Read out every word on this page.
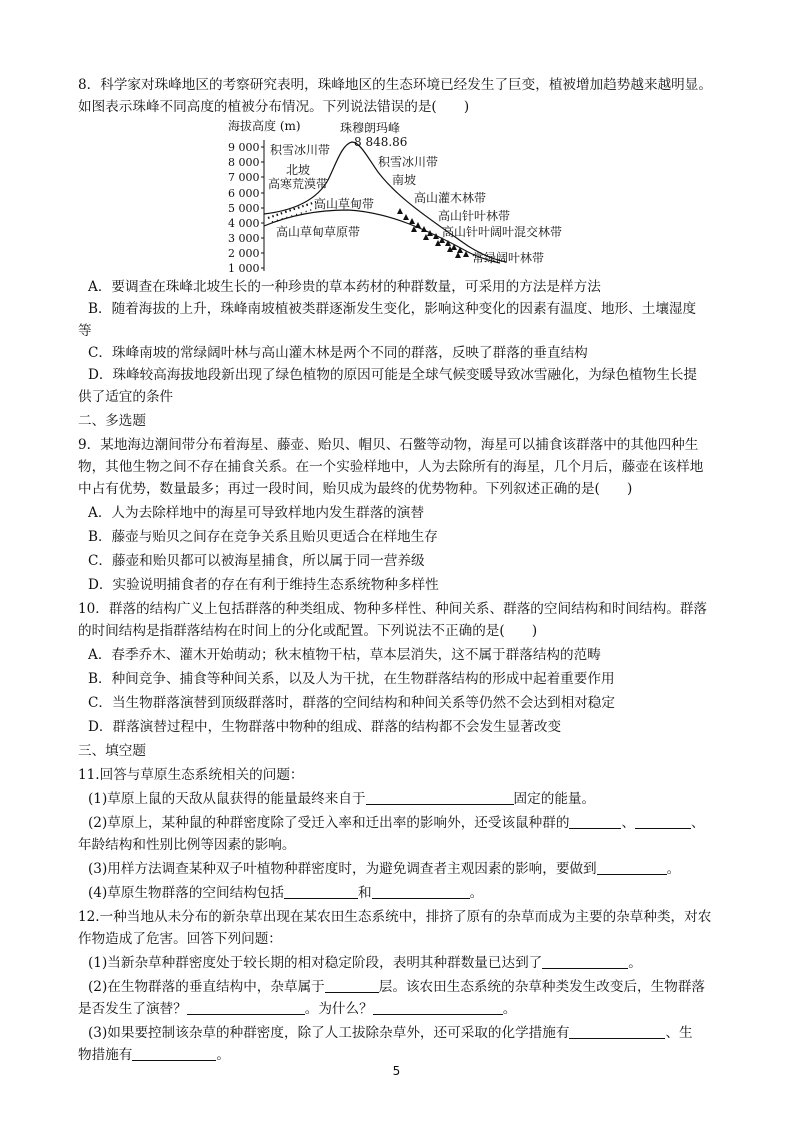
8．科学家对珠峰地区的考察研究表明，珠峰地区的生态环境已经发生了巨变，植被增加趋势越来越明显。
如图表示珠峰不同高度的植被分布情况。下列说法错误的是(　　)
海拔高度 (m)
9 000
8 000
7 000
6 000
5 000
4 000
3 000
2 000
1 000
珠穆朗玛峰
8 848.86
积雪冰川带
积雪冰川带
北坡
南坡
高寒荒漠带
高山草甸带	高山灌木林带
高山针叶林带
高山针叶阔叶混交林带
高山草甸草原带
常绿阔叶林带
A．要调查在珠峰北坡生长的一种珍贵的草本药材的种群数量，可采用的方法是样方法
B．随着海拔的上升，珠峰南坡植被类群逐渐发生变化，影响这种变化的因素有温度、地形、土壤湿度
等
C．珠峰南坡的常绿阔叶林与高山灌木林是两个不同的群落，反映了群落的垂直结构
D．珠峰较高海拔地段新出现了绿色植物的原因可能是全球气候变暖导致冰雪融化，为绿色植物生长提
供了适宜的条件
二、多选题
9．某地海边潮间带分布着海星、藤壶、贻贝、帽贝、石鳖等动物，海星可以捕食该群落中的其他四种生
物，其他生物之间不存在捕食关系。在一个实验样地中，人为去除所有的海星，几个月后，藤壶在该样地
中占有优势，数量最多；再过一段时间，贻贝成为最终的优势物种。下列叙述正确的是(　　)
A．人为去除样地中的海星可导致样地内发生群落的演替
B．藤壶与贻贝之间存在竞争关系且贻贝更适合在样地生存
C．藤壶和贻贝都可以被海星捕食，所以属于同一营养级
D．实验说明捕食者的存在有利于维持生态系统物种多样性
10．群落的结构广义上包括群落的种类组成、物种多样性、种间关系、群落的空间结构和时间结构。群落
的时间结构是指群落结构在时间上的分化或配置。下列说法不正确的是(　　)
A．春季乔木、灌木开始萌动；秋末植物干枯，草本层消失，这不属于群落结构的范畴
B．种间竞争、捕食等种间关系，以及人为干扰，在生物群落结构的形成中起着重要作用
C．当生物群落演替到顶级群落时，群落的空间结构和种间关系等仍然不会达到相对稳定
D．群落演替过程中，生物群落中物种的组成、群落的结构都不会发生显著改变
三、填空题
11.回答与草原生态系统相关的问题：
(1)草原上鼠的天敌从鼠获得的能量最终来自于	固定的能量。
(2)草原上，某种鼠的种群密度除了受迁入率和迁出率的影响外，还受该鼠种群的	、	、
年龄结构和性别比例等因素的影响。
(3)用样方法调查某种双子叶植物种群密度时，为避免调查者主观因素的影响，要做到	。
(4)草原生物群落的空间结构包括	和	。
12.一种当地从未分布的新杂草出现在某农田生态系统中，排挤了原有的杂草而成为主要的杂草种类，对农
作物造成了危害。回答下列问题：
(1)当新杂草种群密度处于较长期的相对稳定阶段，表明其种群数量已达到了	。
(2)在生物群落的垂直结构中，杂草属于	层。该农田生态系统的杂草种类发生改变后，生物群落
是否发生了演替？	。为什么？	。
(3)如果要控制该杂草的种群密度，除了人工拔除杂草外，还可采取的化学措施有	、生
物措施有	。
5
